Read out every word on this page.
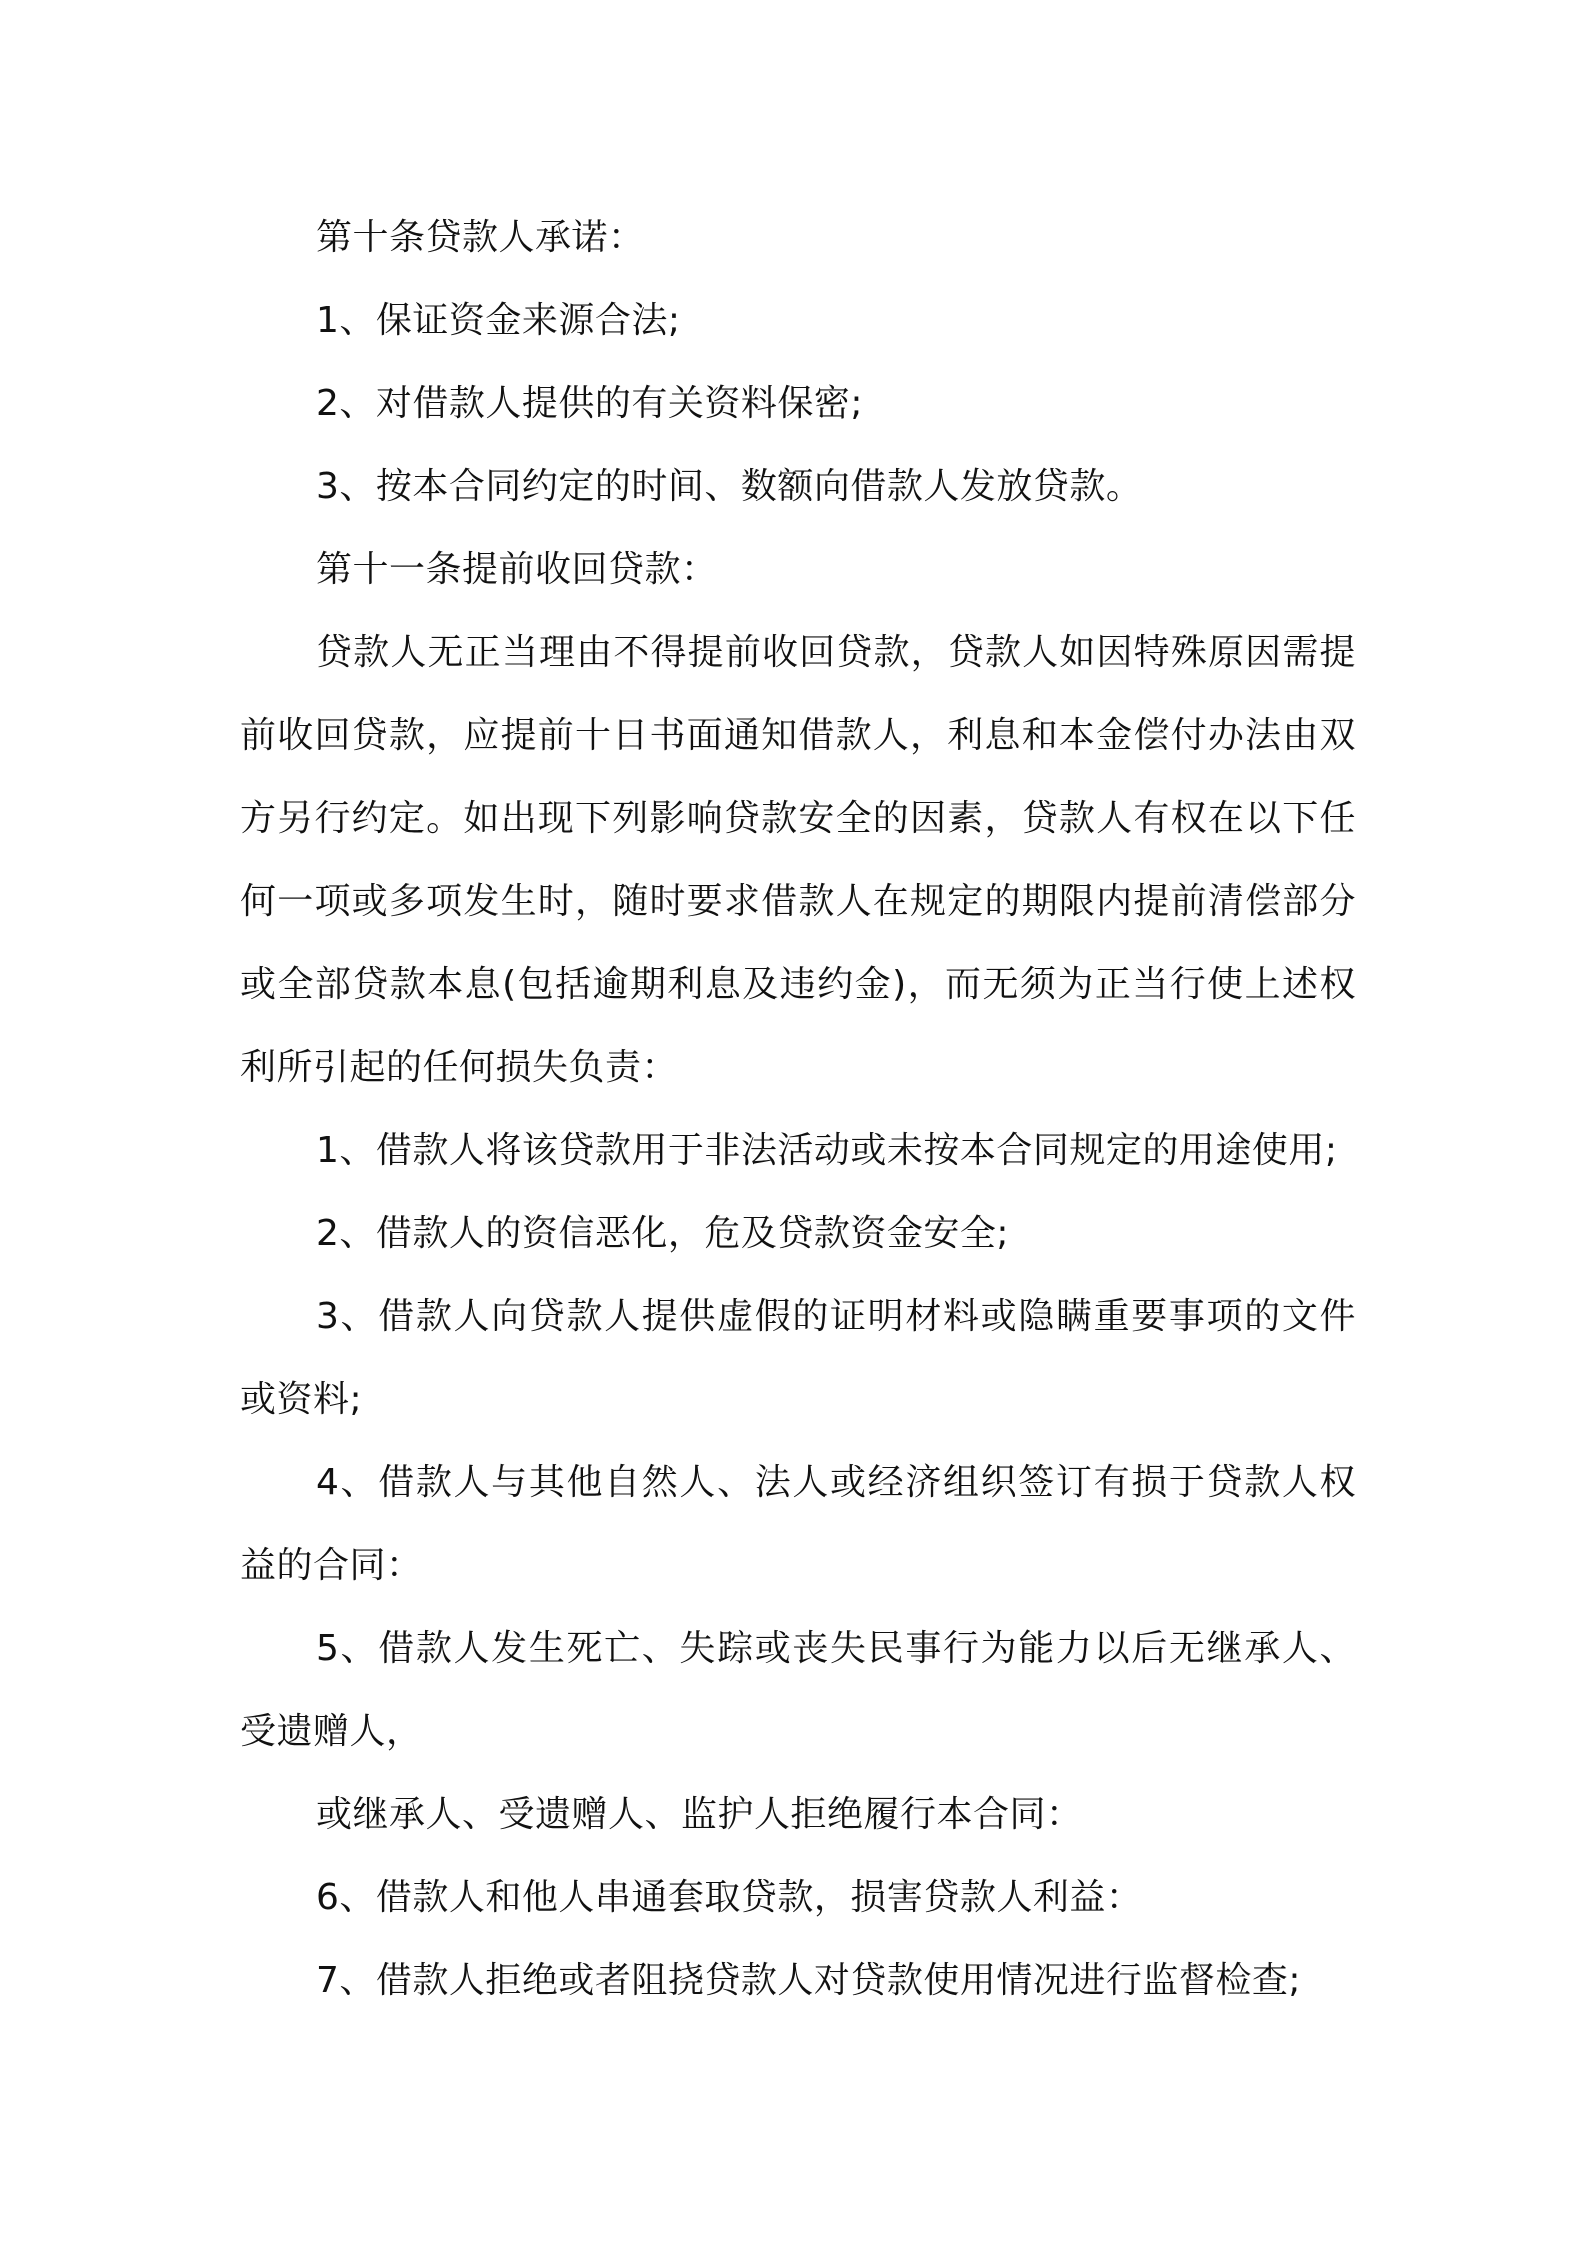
第十条贷款人承诺：

1、保证资金来源合法;

2、对借款人提供的有关资料保密;

3、按本合同约定的时间、数额向借款人发放贷款。

第十一条提前收回贷款：

贷款人无正当理由不得提前收回贷款，贷款人如因特殊原因需提前收回贷款，应提前十日书面通知借款人，利息和本金偿付办法由双方另行约定。如出现下列影响贷款安全的因素，贷款人有权在以下任何一项或多项发生时，随时要求借款人在规定的期限内提前清偿部分或全部贷款本息(包括逾期利息及违约金)，而无须为正当行使上述权利所引起的任何损失负责：

1、借款人将该贷款用于非法活动或未按本合同规定的用途使用;

2、借款人的资信恶化，危及贷款资金安全;

3、借款人向贷款人提供虚假的证明材料或隐瞒重要事项的文件或资料;

4、借款人与其他自然人、法人或经济组织签订有损于贷款人权益的合同：

5、借款人发生死亡、失踪或丧失民事行为能力以后无继承人、受遗赠人，

或继承人、受遗赠人、监护人拒绝履行本合同：

6、借款人和他人串通套取贷款，损害贷款人利益：

7、借款人拒绝或者阻挠贷款人对贷款使用情况进行监督检查;
